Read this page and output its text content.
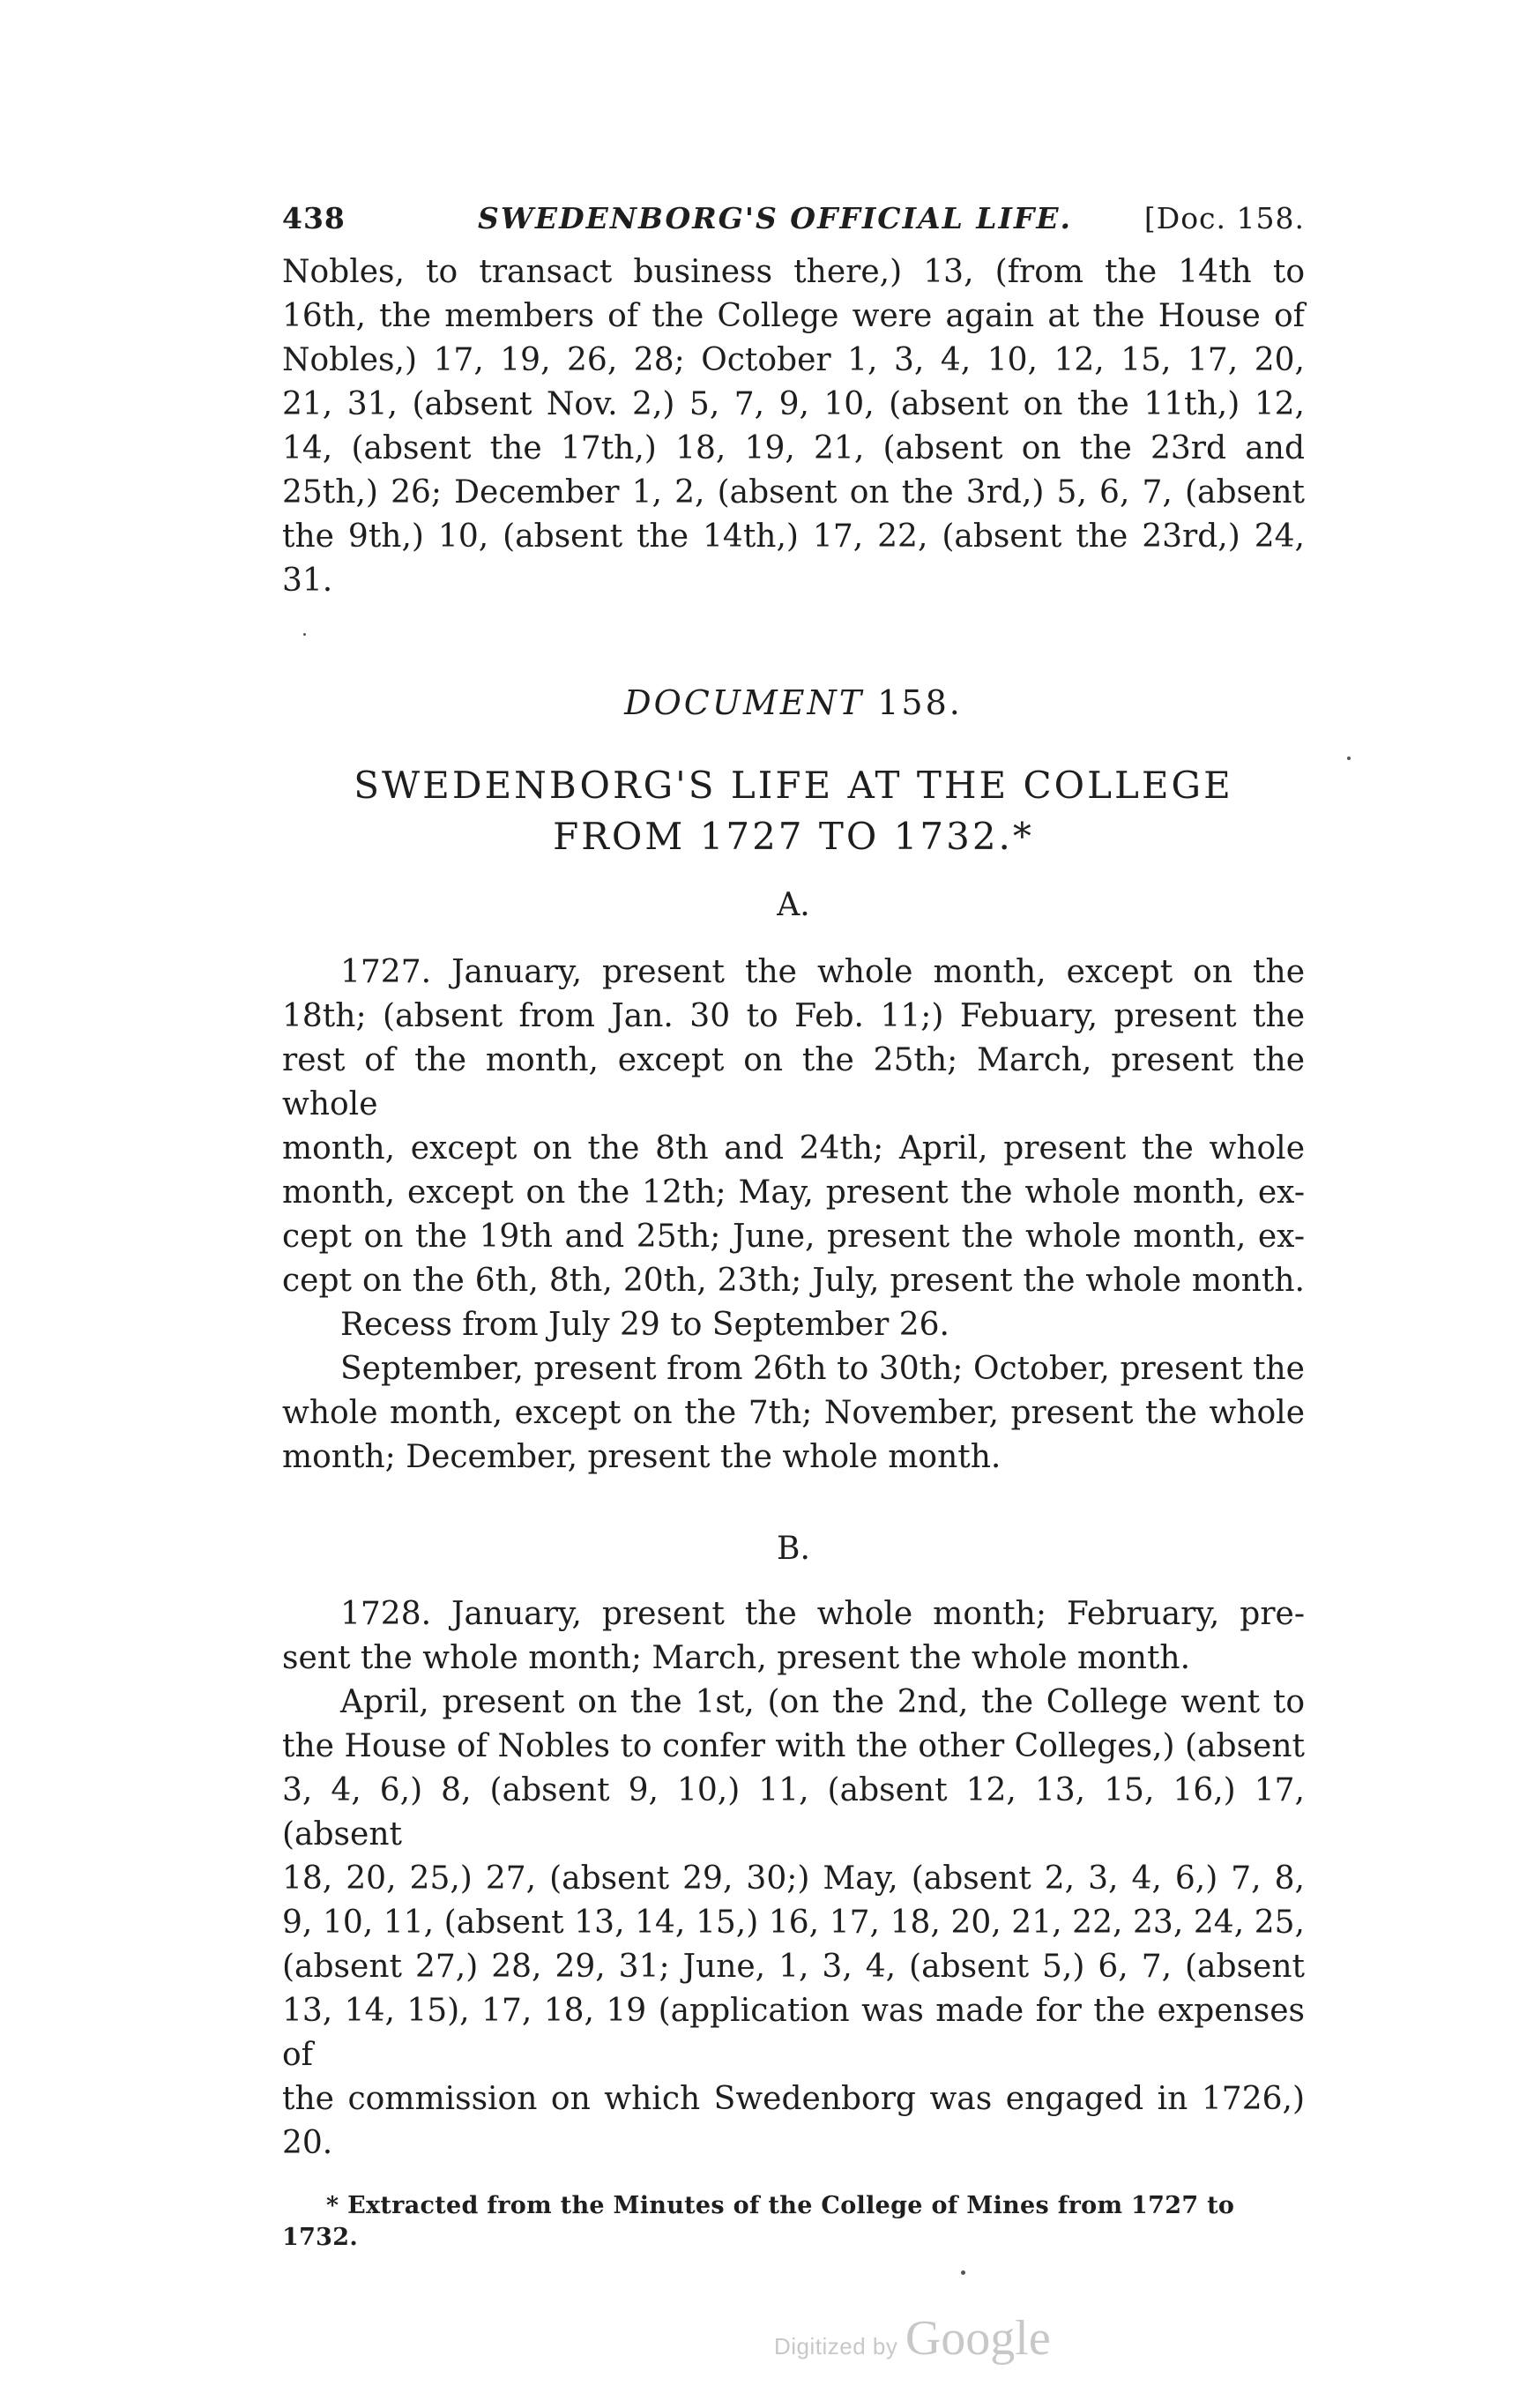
438	SWEDENBORG'S OFFICIAL LIFE. [Doc. 158.

Nobles, to transact business there,) 13, (from the 14th to

16th, the members of the College were again at the House of

Nobles,) 17, 19, 26, 28; October 1, 3, 4, 10, 12, 15, 17, 20,

21, 31, (absent Nov. 2,) 5, 7, 9, 10, (absent on the 11th,) 12,

14, (absent the 17th,) 18, 19, 21, (absent on the 23rd and

25th,) 26; December 1, 2, (absent on the 3rd,) 5, 6, 7, (absent

the 9th,) 10, (absent the 14th,) 17, 22, (absent the 23rd,) 24, 31.

DOCUMENT 158.
SWEDENBORG'S LIFE AT THE COLLEGE
FROM 1727 TO 1732.*
A.

1727. January, present the whole month, except on the

18th; (absent from Jan. 30 to Feb. 11;) Febuary, present the

rest of the month, except on the 25th; March, present the whole

month, except on the 8th and 24th; April, present the whole

month, except on the 12th; May, present the whole month, ex-

cept on the 19th and 25th; June, present the whole month, ex-

cept on the 6th, 8th, 20th, 23th; July, present the whole month.

Recess from July 29 to September 26.

September, present from 26th to 30th; October, present the

whole month, except on the 7th; November, present the whole

month; December, present the whole month.

B.

1728. January, present the whole month; February, pre-

sent the whole month; March, present the whole month.

April, present on the 1st, (on the 2nd, the College went to

the House of Nobles to confer with the other Colleges,) (absent

3, 4, 6,) 8, (absent 9, 10,) 11, (absent 12, 13, 15, 16,) 17, (absent

18, 20, 25,) 27, (absent 29, 30;) May, (absent 2, 3, 4, 6,) 7, 8,

9, 10, 11, (absent 13, 14, 15,) 16, 17, 18, 20, 21, 22, 23, 24, 25,

(absent 27,) 28, 29, 31; June, 1, 3, 4, (absent 5,) 6, 7, (absent

13, 14, 15), 17, 18, 19 (application was made for the expenses of

the commission on which Swedenborg was engaged in 1726,) 20.

* Extracted from the Minutes of the College of Mines from 1727 to 1732.
Digitized by Google
